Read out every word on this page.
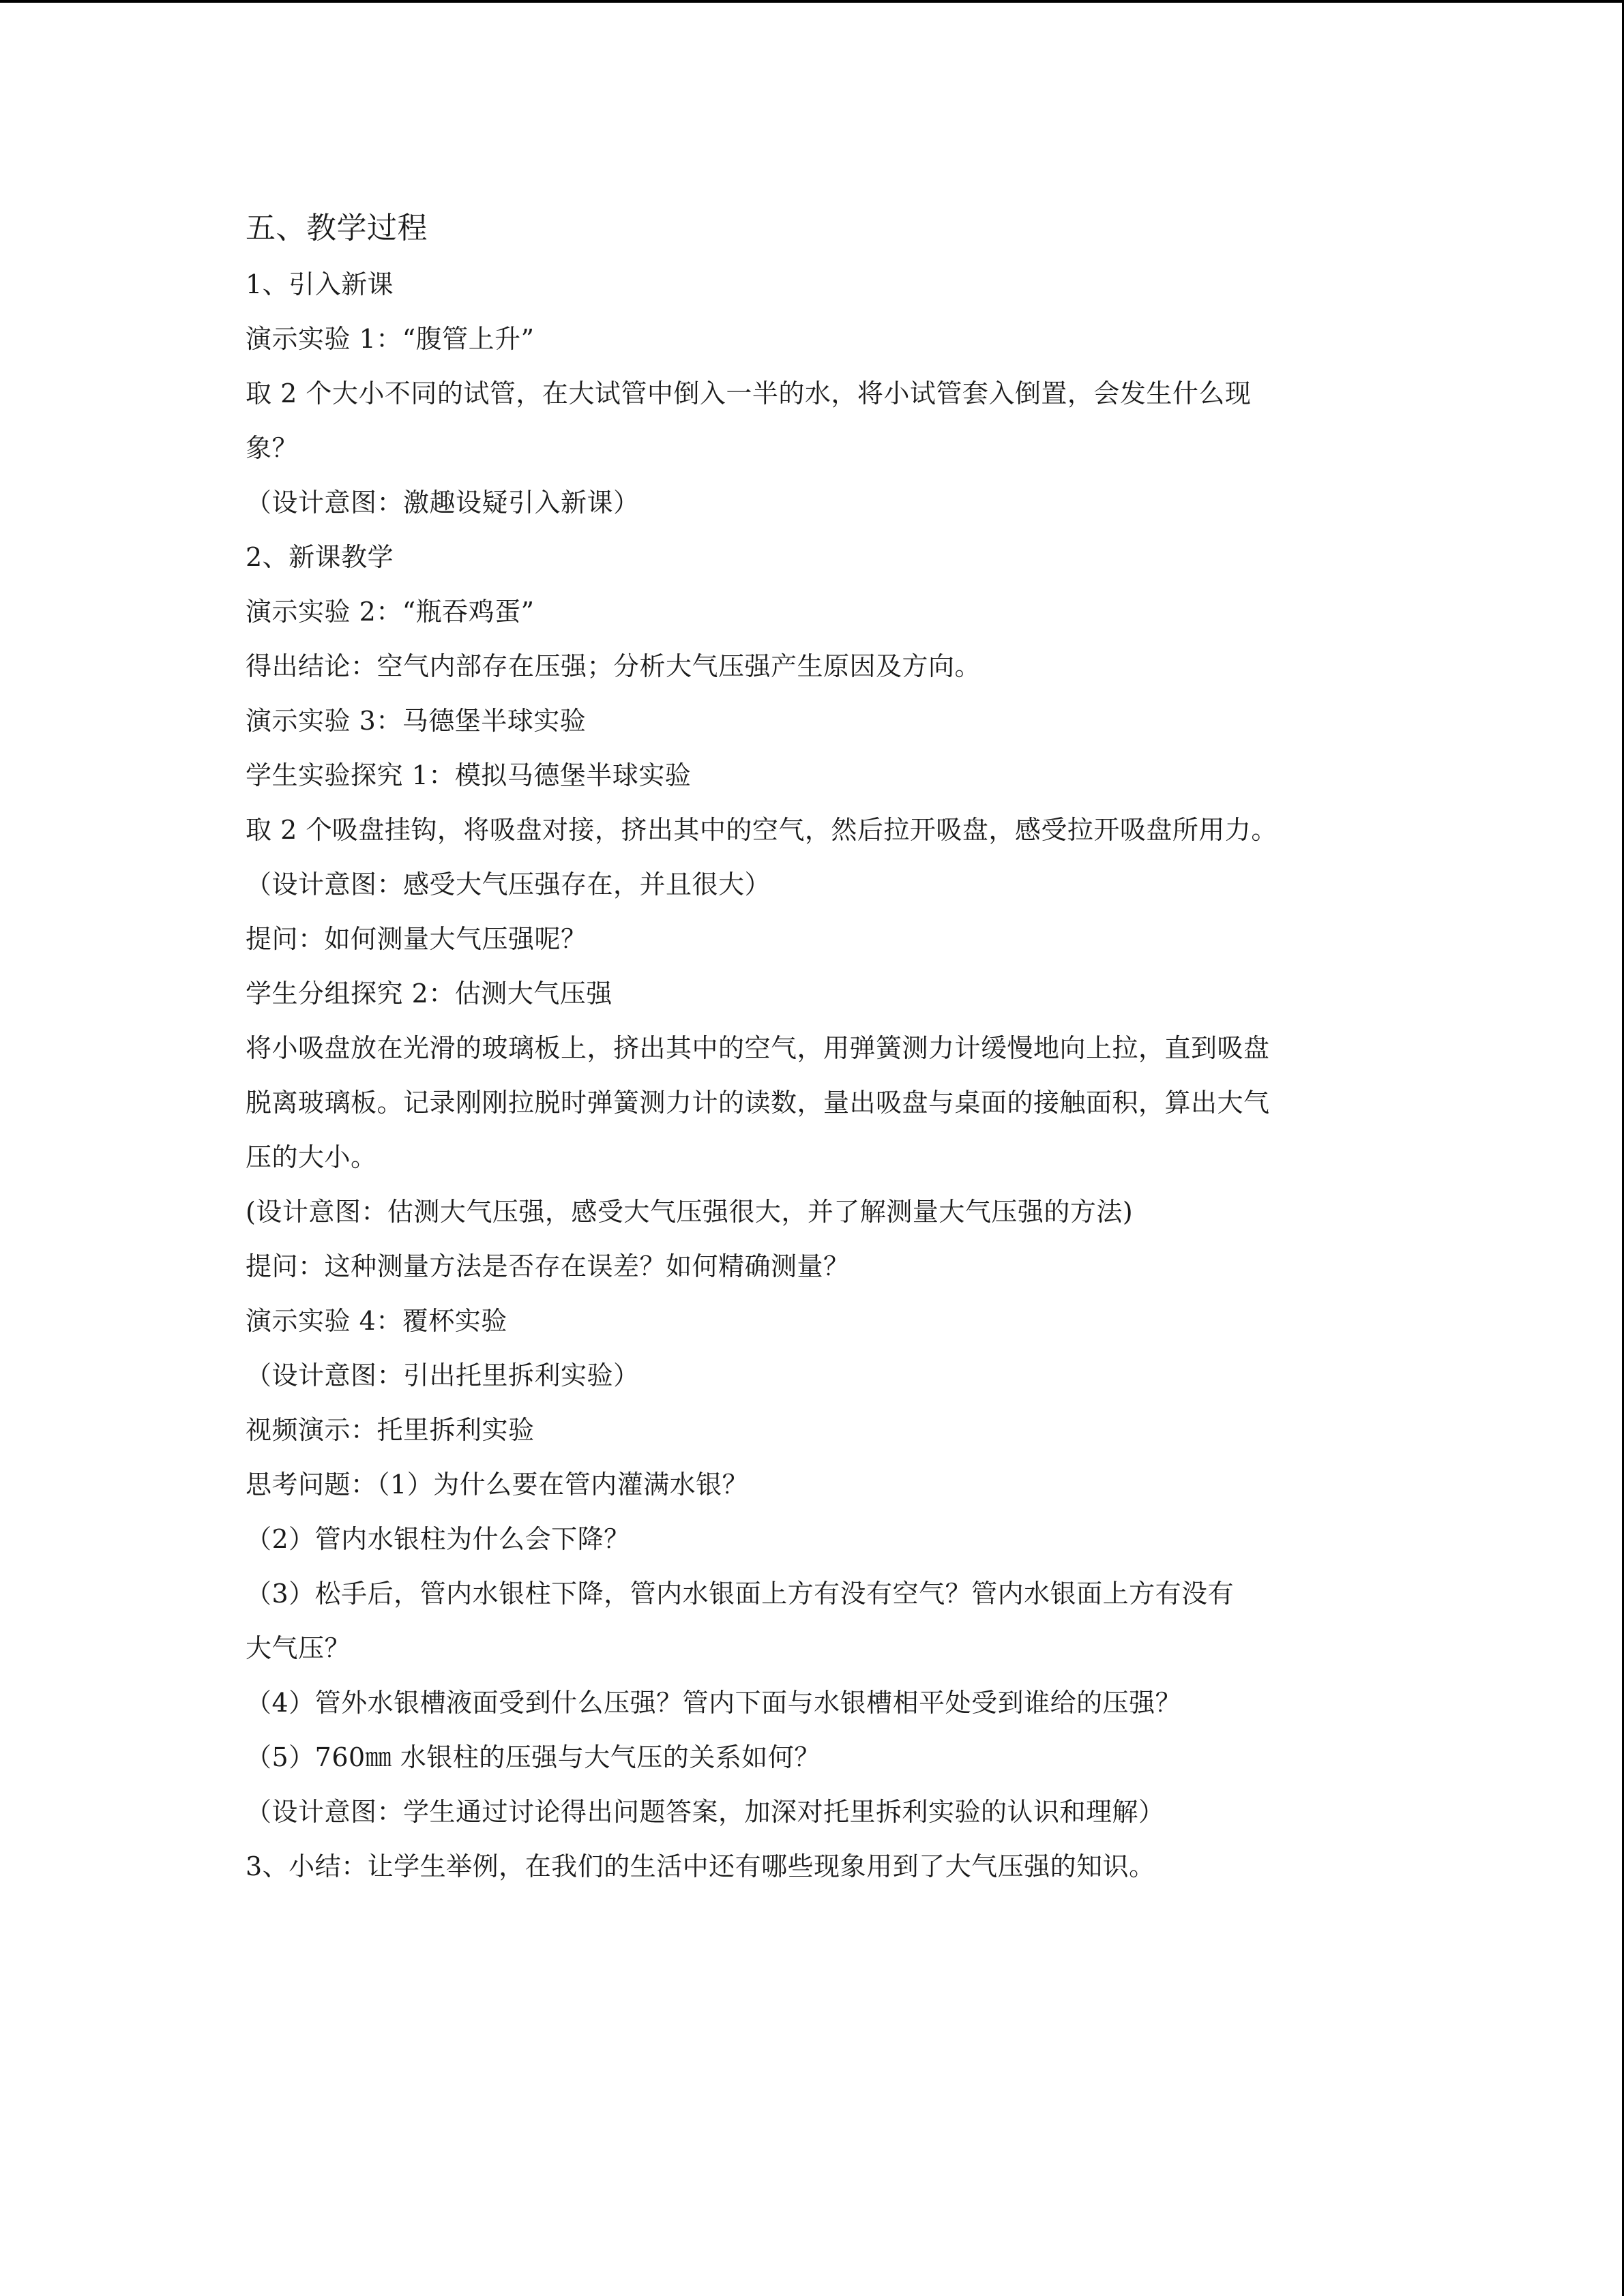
五、教学过程
1、引入新课
演示实验 1：“腹管上升”
取 2 个大小不同的试管，在大试管中倒入一半的水，将小试管套入倒置，会发生什么现
象？
（设计意图：激趣设疑引入新课）
2、新课教学
演示实验 2：“瓶吞鸡蛋”
得出结论：空气内部存在压强；分析大气压强产生原因及方向。
演示实验 3：马德堡半球实验
学生实验探究 1：模拟马德堡半球实验
取 2 个吸盘挂钩，将吸盘对接，挤出其中的空气，然后拉开吸盘，感受拉开吸盘所用力。
（设计意图：感受大气压强存在，并且很大）
提问：如何测量大气压强呢？
学生分组探究 2：估测大气压强
将小吸盘放在光滑的玻璃板上，挤出其中的空气，用弹簧测力计缓慢地向上拉，直到吸盘
脱离玻璃板。记录刚刚拉脱时弹簧测力计的读数，量出吸盘与桌面的接触面积，算出大气
压的大小。
(设计意图：估测大气压强，感受大气压强很大，并了解测量大气压强的方法)
提问：这种测量方法是否存在误差？如何精确测量？
演示实验 4：覆杯实验
（设计意图：引出托里拆利实验）
视频演示：托里拆利实验
思考问题：（1）为什么要在管内灌满水银？
（2）管内水银柱为什么会下降？
（3）松手后，管内水银柱下降，管内水银面上方有没有空气？管内水银面上方有没有
大气压？
（4）管外水银槽液面受到什么压强？管内下面与水银槽相平处受到谁给的压强？
（5）760㎜ 水银柱的压强与大气压的关系如何？
（设计意图：学生通过讨论得出问题答案，加深对托里拆利实验的认识和理解）
3、小结：让学生举例，在我们的生活中还有哪些现象用到了大气压强的知识。
